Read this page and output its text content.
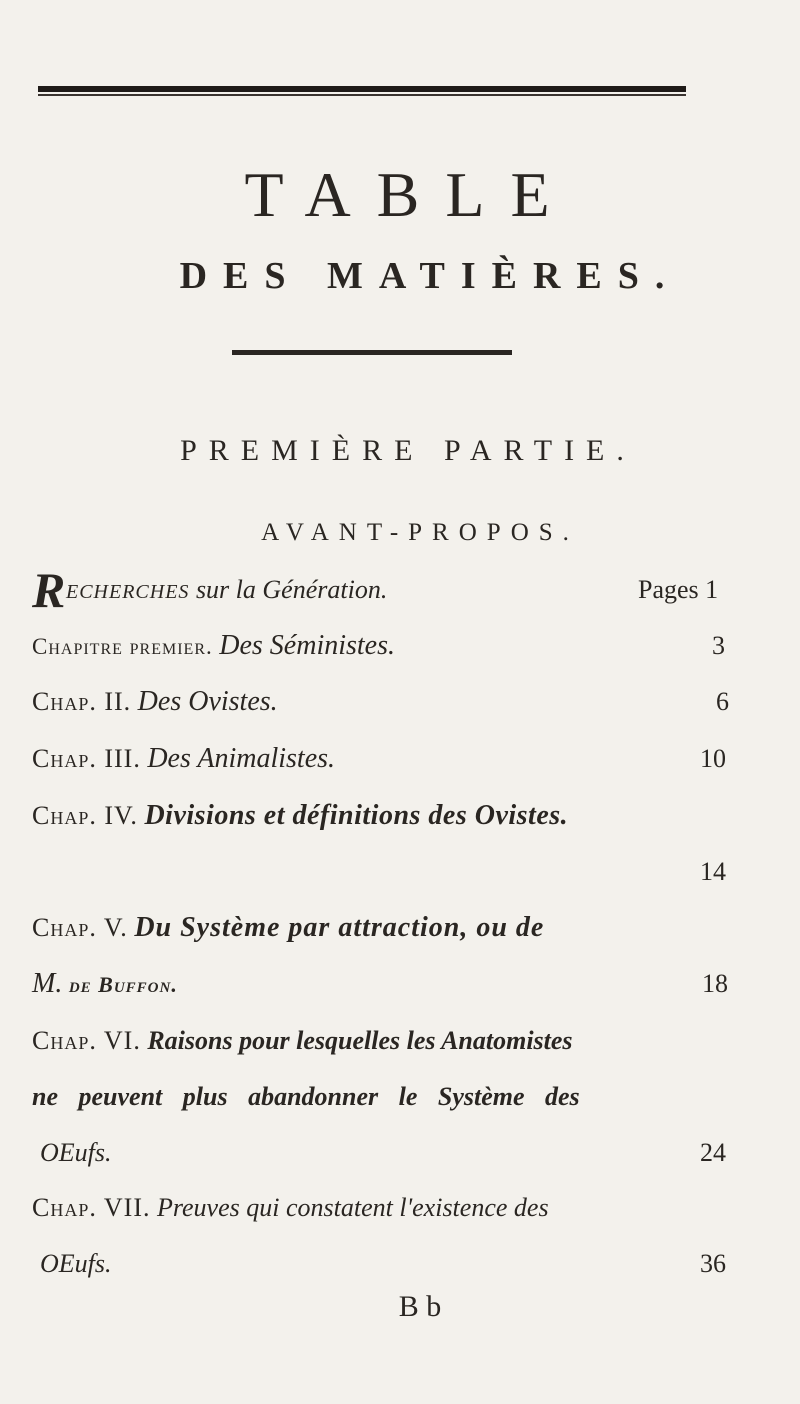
TABLE
DES MATIÈRES.
PREMIÈRE PARTIE.
AVANT-PROPOS.
R ECHERCHES sur la Génération.	Pages 1
Chapitre premier. Des Séministes.	3
Chap. II. Des Ovistes.	6
Chap. III. Des Animalistes.	10
Chap. IV. Divisions et définitions des Ovistes.
14
Chap. V. Du Système par attraction, ou de
M. de Buffon.	18
Chap. VI. Raisons pour lesquelles les Anatomistes
ne peuvent plus abandonner le Système des
OEufs.	24
Chap. VII. Preuves qui constatent l'existence des
OEufs.	36
B b
